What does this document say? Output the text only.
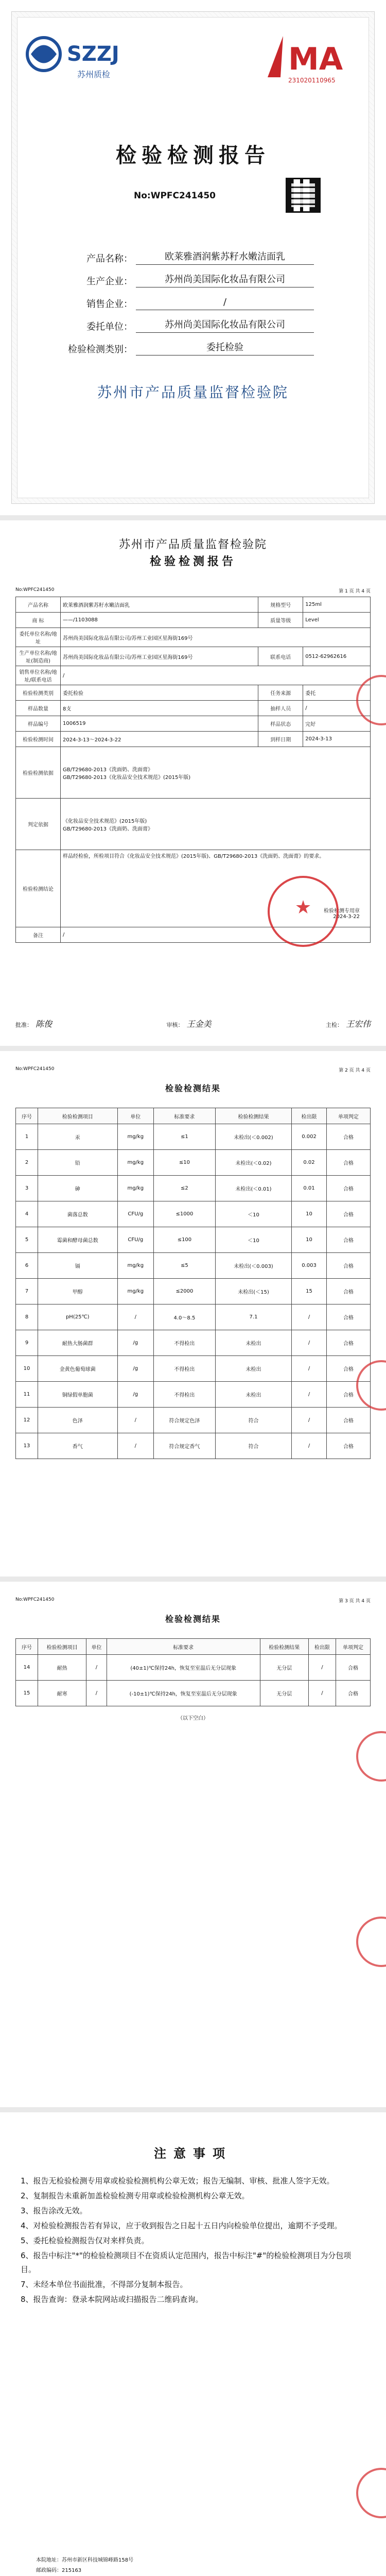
SZZJ
苏州质检	MA
231020110965
检验检测报告
No:WPFC241450
产品名称：	欧莱雅酒润紫苏籽水嫩洁面乳
生产企业：	苏州尚美国际化妆品有限公司
销售企业：	/
委托单位：	苏州尚美国际化妆品有限公司
检验检测类别：	委托检验
苏州市产品质量监督检验院
苏州市产品质量监督检验院
检验检测报告
No:WPFC241450	第 1 页 共 4 页
产品名称	欧莱雅酒润紫苏籽水嫩洁面乳	规格型号	125ml
商 标	——/1103088	质量等级	Level
委托单位名称/地址	苏州尚美国际化妆品有限公司/苏州工业园区星海街169号		
生产单位名称/地址(制造商)	苏州尚美国际化妆品有限公司/苏州工业园区星海街169号	联系电话	0512-62962616
销售单位名称/地址/联系电话	/		
检验检测类别	委托检验	任务来源	委托
样品数量	8支	抽样人员	/
样品编号	1006519	样品状态	完好
检验检测时间	2024-3-13～2024-3-22	到样日期	2024-3-13
检验检测依据	GB/T29680-2013《洗面奶、洗面膏》
GB/T29680-2013《化妆品安全技术规范》(2015年版)		
判定依据	《化妆品安全技术规范》(2015年版)
GB/T29680-2013《洗面奶、洗面膏》		
检验检测结论	样品经检验，所检项目符合《化妆品安全技术规范》(2015年版)、GB/T29680-2013《洗面奶、洗面膏》的要求。
检验检测专用章
2024-3-22		

备注	/		
★
批准： 陈俊	审核： 王金美	主检： 王宏伟
No:WPFC241450	第 2 页 共 4 页
检验检测结果
序号	检验检测项目	单位	标准要求	检验检测结果	检出限	单项判定
1	汞	mg/kg	≤1	未检出(＜0.002)	0.002	合格
2	铅	mg/kg	≤10	未检出(＜0.02)	0.02	合格
3	砷	mg/kg	≤2	未检出(＜0.01)	0.01	合格
4	菌落总数	CFU/g	≤1000	＜10	10	合格
5	霉菌和酵母菌总数	CFU/g	≤100	＜10	10	合格
6	镉	mg/kg	≤5	未检出(＜0.003)	0.003	合格
7	甲醇	mg/kg	≤2000	未检出(＜15)	15	合格
8	pH(25℃)	/	4.0～8.5	7.1	/	合格
9	耐热大肠菌群	/g	不得检出	未检出	/	合格
10	金黄色葡萄球菌	/g	不得检出	未检出	/	合格
11	铜绿假单胞菌	/g	不得检出	未检出	/	合格
12	色泽	/	符合规定色泽	符合	/	合格
13	香气	/	符合规定香气	符合	/	合格
No:WPFC241450	第 3 页 共 4 页
检验检测结果
序号	检验检测项目	单位	标准要求	检验检测结果	检出限	单项判定
14	耐热	/	(40±1)℃保持24h，恢复至室温后无分层现象	无分层	/	合格
15	耐寒	/	(-10±1)℃保持24h，恢复至室温后无分层现象	无分层	/	合格
（以下空白）
注意事项

1、报告无检验检测专用章或检验检测机构公章无效；报告无编制、审核、批准人签字无效。

2、复制报告未重新加盖检验检测专用章或检验检测机构公章无效。

3、报告涂改无效。

4、对检验检测报告若有异议，应于收到报告之日起十五日内向检验单位提出，逾期不予受理。

5、委托检验检测报告仅对来样负责。

6、报告中标注"*"的检验检测项目不在资质认定范围内，报告中标注"#"的检验检测项目为分包项目。

7、未经本单位书面批准，不得部分复制本报告。

8、报告查询：登录本院网站或扫描报告二维码查询。

本院地址：苏州市新区科技城锦峰路158号
邮政编码：215163
